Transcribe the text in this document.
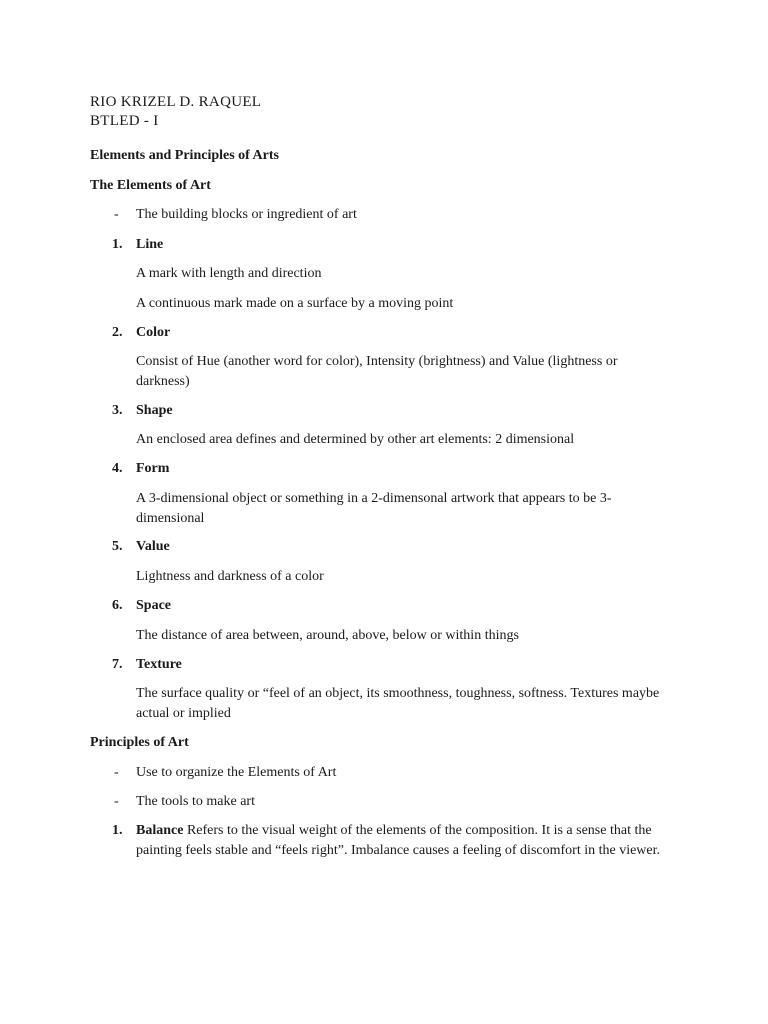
RIO KRIZEL D. RAQUEL
BTLED - I
Elements and Principles of Arts
The Elements of Art
- The building blocks or ingredient of art
1. Line
A mark with length and direction
A continuous mark made on a surface by a moving point
2. Color
Consist of Hue (another word for color), Intensity (brightness) and Value (lightness or darkness)
3. Shape
An enclosed area defines and determined by other art elements: 2 dimensional
4. Form
A 3-dimensional object or something in a 2-dimensonal artwork that appears to be 3-dimensional
5. Value
Lightness and darkness of a color
6. Space
The distance of area between, around, above, below or within things
7. Texture
The surface quality or “feel of an object, its smoothness, toughness, softness. Textures maybe actual or implied
Principles of Art
- Use to organize the Elements of Art
- The tools to make art
1. Balance Refers to the visual weight of the elements of the composition. It is a sense that the painting feels stable and “feels right”. Imbalance causes a feeling of discomfort in the viewer.
